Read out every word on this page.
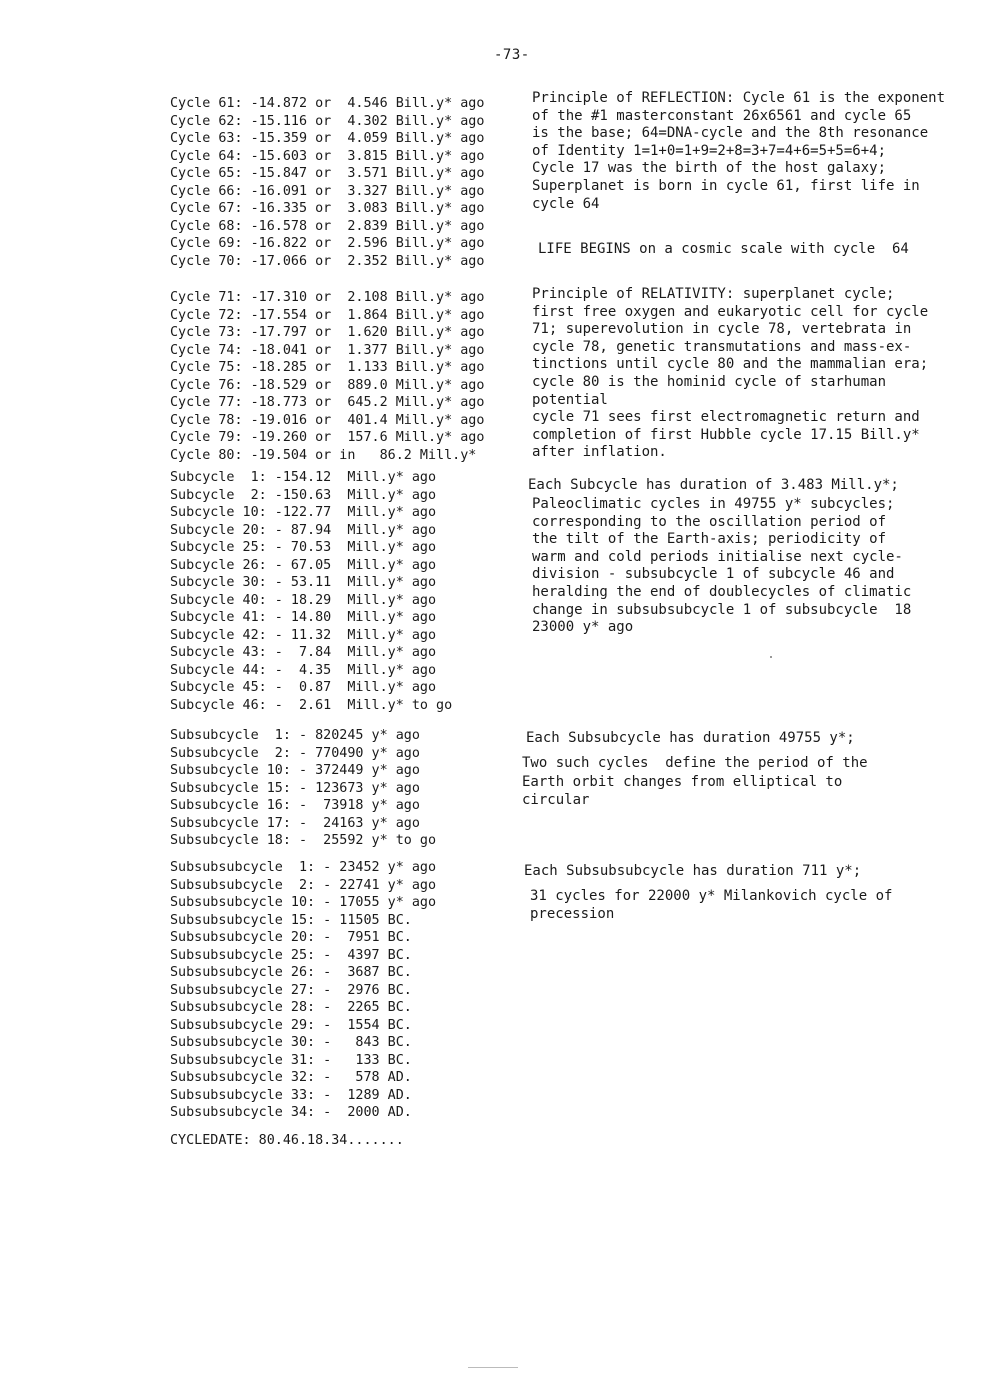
-73-
Cycle 61: -14.872 or  4.546 Bill.y* ago
Cycle 62: -15.116 or  4.302 Bill.y* ago
Cycle 63: -15.359 or  4.059 Bill.y* ago
Cycle 64: -15.603 or  3.815 Bill.y* ago
Cycle 65: -15.847 or  3.571 Bill.y* ago
Cycle 66: -16.091 or  3.327 Bill.y* ago
Cycle 67: -16.335 or  3.083 Bill.y* ago
Cycle 68: -16.578 or  2.839 Bill.y* ago
Cycle 69: -16.822 or  2.596 Bill.y* ago
Cycle 70: -17.066 or  2.352 Bill.y* ago
Cycle 71: -17.310 or  2.108 Bill.y* ago
Cycle 72: -17.554 or  1.864 Bill.y* ago
Cycle 73: -17.797 or  1.620 Bill.y* ago
Cycle 74: -18.041 or  1.377 Bill.y* ago
Cycle 75: -18.285 or  1.133 Bill.y* ago
Cycle 76: -18.529 or  889.0 Mill.y* ago
Cycle 77: -18.773 or  645.2 Mill.y* ago
Cycle 78: -19.016 or  401.4 Mill.y* ago
Cycle 79: -19.260 or  157.6 Mill.y* ago
Cycle 80: -19.504 or in   86.2 Mill.y*
Subcycle  1: -154.12  Mill.y* ago
Subcycle  2: -150.63  Mill.y* ago
Subcycle 10: -122.77  Mill.y* ago
Subcycle 20: - 87.94  Mill.y* ago
Subcycle 25: - 70.53  Mill.y* ago
Subcycle 26: - 67.05  Mill.y* ago
Subcycle 30: - 53.11  Mill.y* ago
Subcycle 40: - 18.29  Mill.y* ago
Subcycle 41: - 14.80  Mill.y* ago
Subcycle 42: - 11.32  Mill.y* ago
Subcycle 43: -  7.84  Mill.y* ago
Subcycle 44: -  4.35  Mill.y* ago
Subcycle 45: -  0.87  Mill.y* ago
Subcycle 46: -  2.61  Mill.y* to go
Subsubcycle  1: - 820245 y* ago
Subsubcycle  2: - 770490 y* ago
Subsubcycle 10: - 372449 y* ago
Subsubcycle 15: - 123673 y* ago
Subsubcycle 16: -  73918 y* ago
Subsubcycle 17: -  24163 y* ago
Subsubcycle 18: -  25592 y* to go
Subsubsubcycle  1: - 23452 y* ago
Subsubsubcycle  2: - 22741 y* ago
Subsubsubcycle 10: - 17055 y* ago
Subsubsubcycle 15: - 11505 BC.
Subsubsubcycle 20: -  7951 BC.
Subsubsubcycle 25: -  4397 BC.
Subsubsubcycle 26: -  3687 BC.
Subsubsubcycle 27: -  2976 BC.
Subsubsubcycle 28: -  2265 BC.
Subsubsubcycle 29: -  1554 BC.
Subsubsubcycle 30: -   843 BC.
Subsubsubcycle 31: -   133 BC.
Subsubsubcycle 32: -   578 AD.
Subsubsubcycle 33: -  1289 AD.
Subsubsubcycle 34: -  2000 AD.
CYCLEDATE: 80.46.18.34.......
Principle of REFLECTION: Cycle 61 is the exponent
of the #1 masterconstant 26x6561 and cycle 65
is the base; 64=DNA-cycle and the 8th resonance
of Identity 1=1+0=1+9=2+8=3+7=4+6=5+5=6+4;
Cycle 17 was the birth of the host galaxy;
Superplanet is born in cycle 61, first life in
cycle 64
LIFE BEGINS on a cosmic scale with cycle  64
Principle of RELATIVITY: superplanet cycle;
first free oxygen and eukaryotic cell for cycle
71; superevolution in cycle 78, vertebrata in
cycle 78, genetic transmutations and mass-ex-
tinctions until cycle 80 and the mammalian era;
cycle 80 is the hominid cycle of starhuman
potential
cycle 71 sees first electromagnetic return and
completion of first Hubble cycle 17.15 Bill.y*
after inflation.
Each Subcycle has duration of 3.483 Mill.y*;
Paleoclimatic cycles in 49755 y* subcycles;
corresponding to the oscillation period of
the tilt of the Earth-axis; periodicity of
warm and cold periods initialise next cycle-
division - subsubcycle 1 of subcycle 46 and
heralding the end of doublecycles of climatic
change in subsubsubcycle 1 of subsubcycle  18
23000 y* ago
Each Subsubcycle has duration 49755 y*;
Two such cycles  define the period of the
Earth orbit changes from elliptical to
circular
Each Subsubsubcycle has duration 711 y*;
31 cycles for 22000 y* Milankovich cycle of
precession
